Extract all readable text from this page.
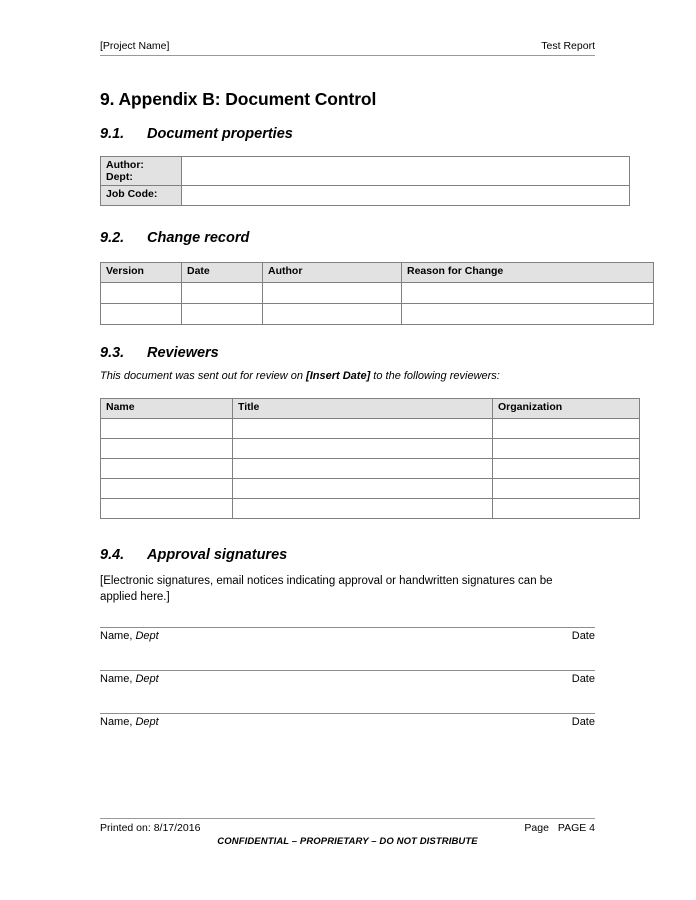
[Project Name]	Test Report
9. Appendix B: Document Control
9.1.	Document properties
Author:
Dept:	

Job Code:	
9.2.	Change record
Version	Date	Author	Reason for Change

9.3.	Reviewers

This document was sent out for review on [Insert Date] to the following reviewers:

Name	Title	Organization

9.4.	Approval signatures

[Electronic signatures, email notices indicating approval or handwritten signatures can be applied here.]

Name, Dept	Date
Name, Dept	Date
Name, Dept	Date
Printed on: 8/17/2016	Page PAGE 4
CONFIDENTIAL – PROPRIETARY – DO NOT DISTRIBUTE
